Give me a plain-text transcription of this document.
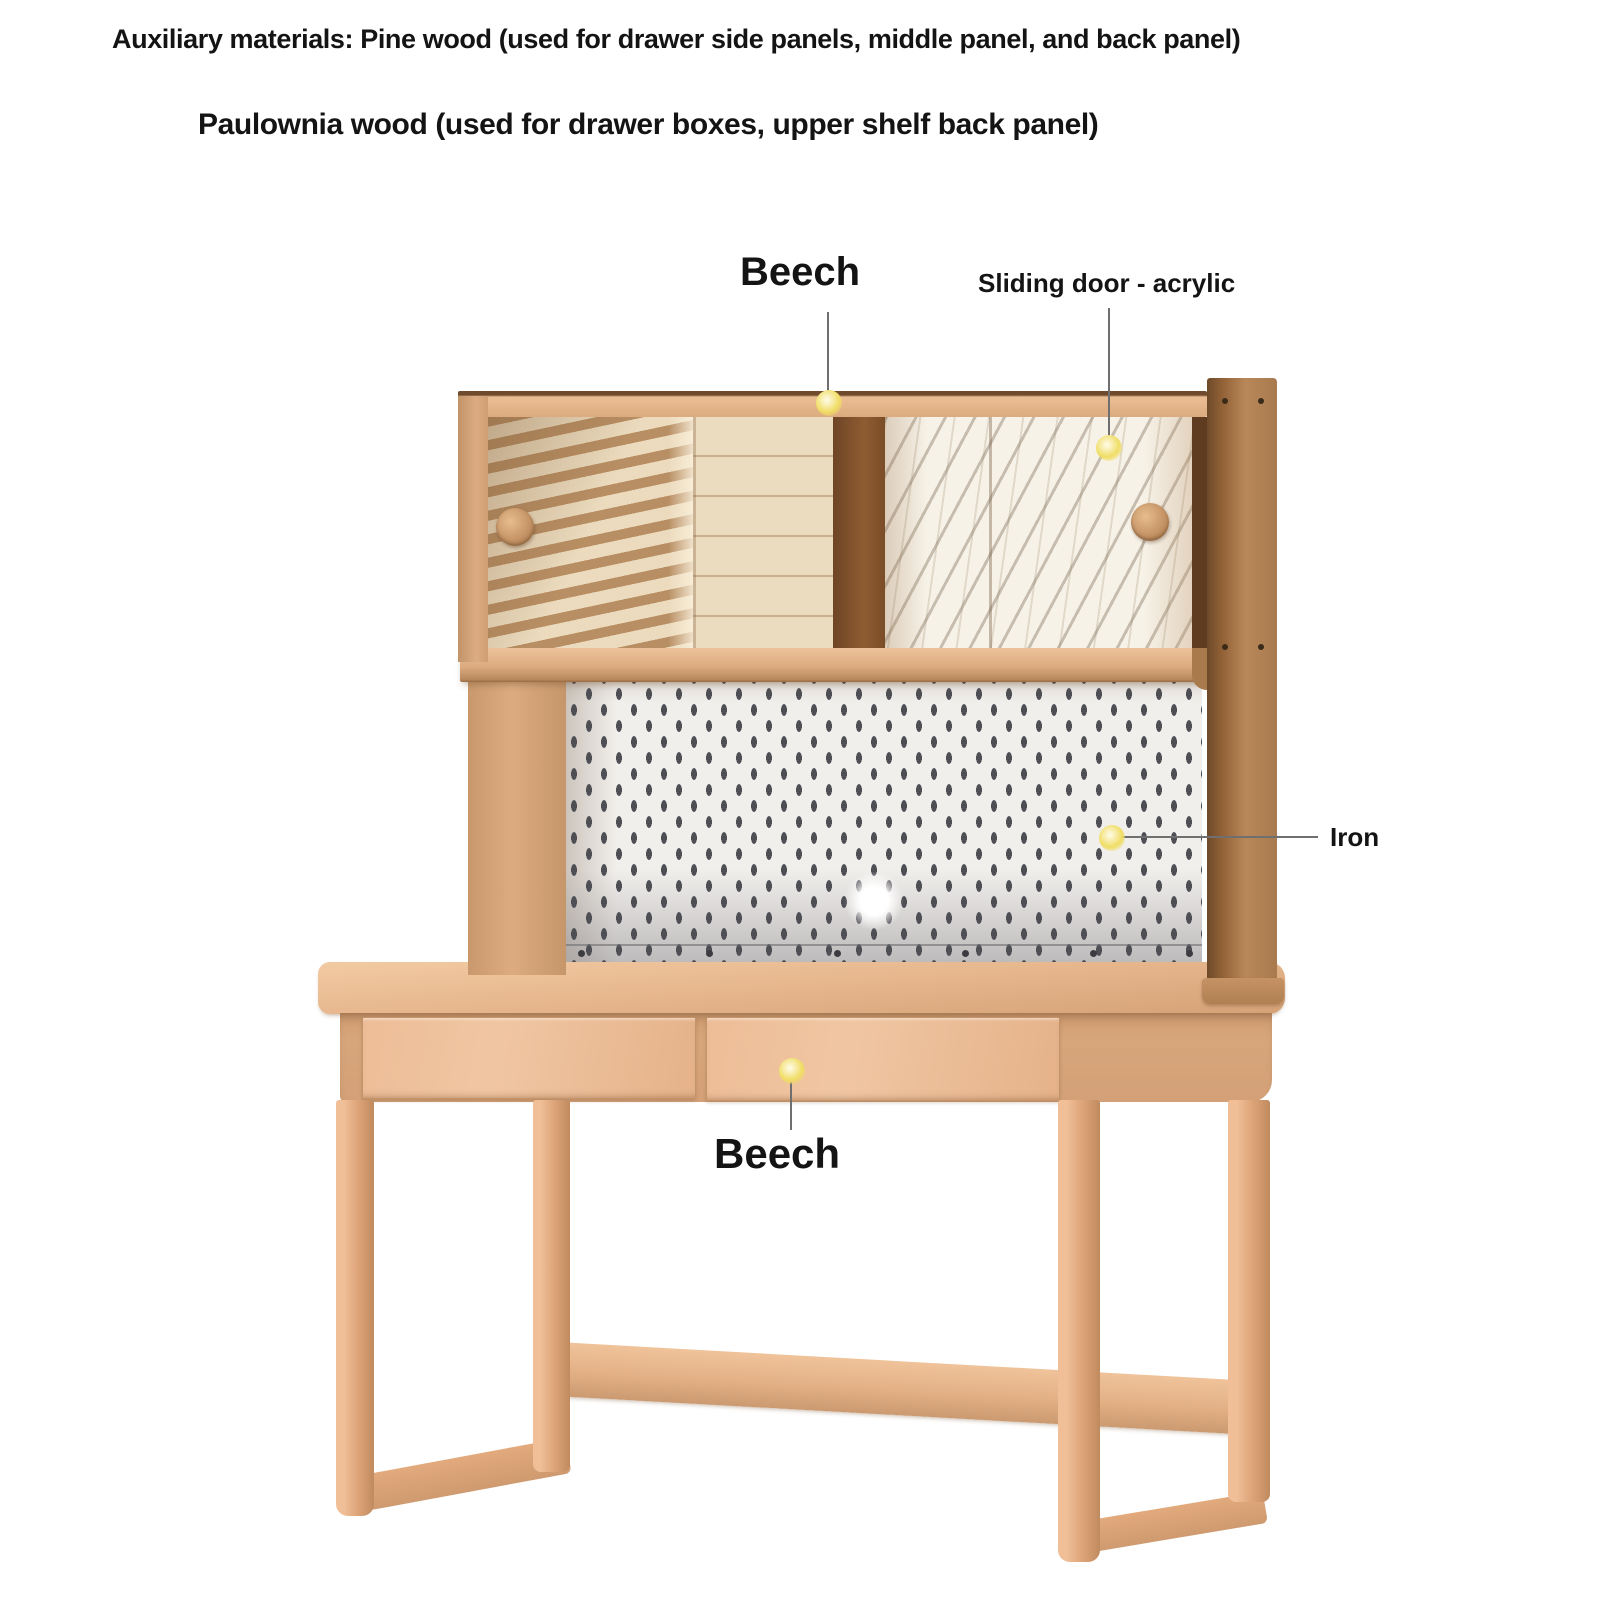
Auxiliary materials: Pine wood (used for drawer side panels, middle panel, and back panel)
Paulownia wood (used for drawer boxes, upper shelf back panel)
Beech	Sliding door - acrylic
Iron
Beech
